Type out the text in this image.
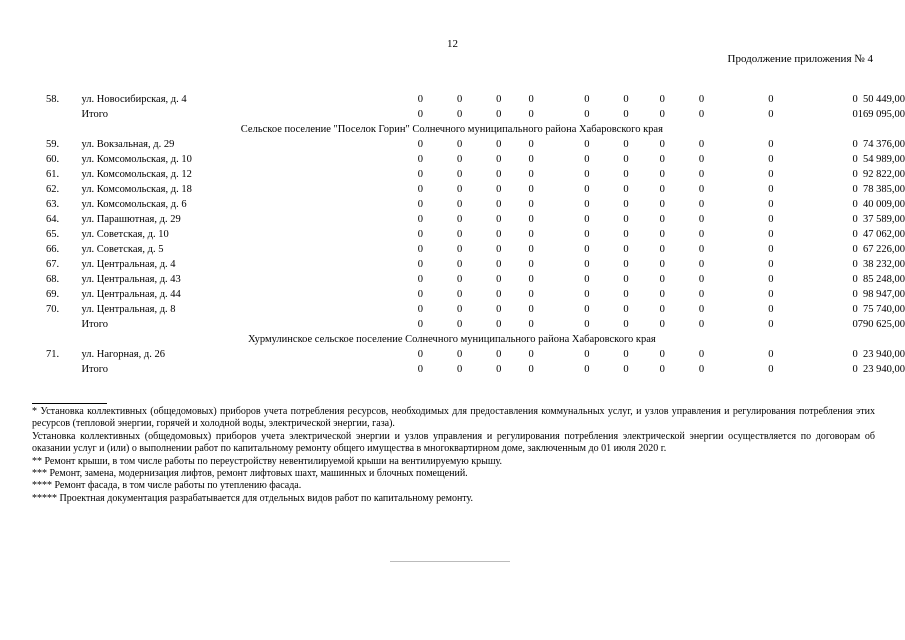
12
Продолжение приложения № 4
58.	ул. Новосибирская, д. 4		0	0	0	0	0	0	0	0	0	0	50 449,00
	Итого		0	0	0	0	0	0	0	0	0	0	169 095,00
Сельское поселение "Поселок Горин" Солнечного муниципального района Хабаровского края												
59.	ул. Вокзальная, д. 29		0	0	0	0	0	0	0	0	0	0	74 376,00
60.	ул. Комсомольская, д. 10		0	0	0	0	0	0	0	0	0	0	54 989,00
61.	ул. Комсомольская, д. 12		0	0	0	0	0	0	0	0	0	0	92 822,00
62.	ул. Комсомольская, д. 18		0	0	0	0	0	0	0	0	0	0	78 385,00
63.	ул. Комсомольская, д. 6		0	0	0	0	0	0	0	0	0	0	40 009,00
64.	ул. Парашютная, д. 29		0	0	0	0	0	0	0	0	0	0	37 589,00
65.	ул. Советская, д. 10		0	0	0	0	0	0	0	0	0	0	47 062,00
66.	ул. Советская, д. 5		0	0	0	0	0	0	0	0	0	0	67 226,00
67.	ул. Центральная, д. 4		0	0	0	0	0	0	0	0	0	0	38 232,00
68.	ул. Центральная, д. 43		0	0	0	0	0	0	0	0	0	0	85 248,00
69.	ул. Центральная, д. 44		0	0	0	0	0	0	0	0	0	0	98 947,00
70.	ул. Центральная, д. 8		0	0	0	0	0	0	0	0	0	0	75 740,00
	Итого		0	0	0	0	0	0	0	0	0	0	790 625,00
Хурмулинское сельское поселение Солнечного муниципального района Хабаровского края												
71.	ул. Нагорная, д. 26		0	0	0	0	0	0	0	0	0	0	23 940,00
	Итого		0	0	0	0	0	0	0	0	0	0	23 940,00

* Установка коллективных (общедомовых) приборов учета потребления ресурсов, необходимых для предоставления коммунальных услуг, и узлов управления и регулирования потребления этих ресурсов (тепловой энергии, горячей и холодной воды, электрической энергии, газа).

Установка коллективных (общедомовых) приборов учета электрической энергии и узлов управления и регулирования потребления электрической энергии осуществляется по договорам об оказании услуг и (или) о выполнении работ по капитальному ремонту общего имущества в многоквартирном доме, заключенным до 01 июля 2020 г.

** Ремонт крыши, в том числе работы по переустройству невентилируемой крыши на вентилируемую крышу.

*** Ремонт, замена, модернизация лифтов, ремонт лифтовых шахт, машинных и блочных помещений.

**** Ремонт фасада, в том числе работы по утеплению фасада.

***** Проектная документация разрабатывается для отдельных видов работ по капитальному ремонту.
